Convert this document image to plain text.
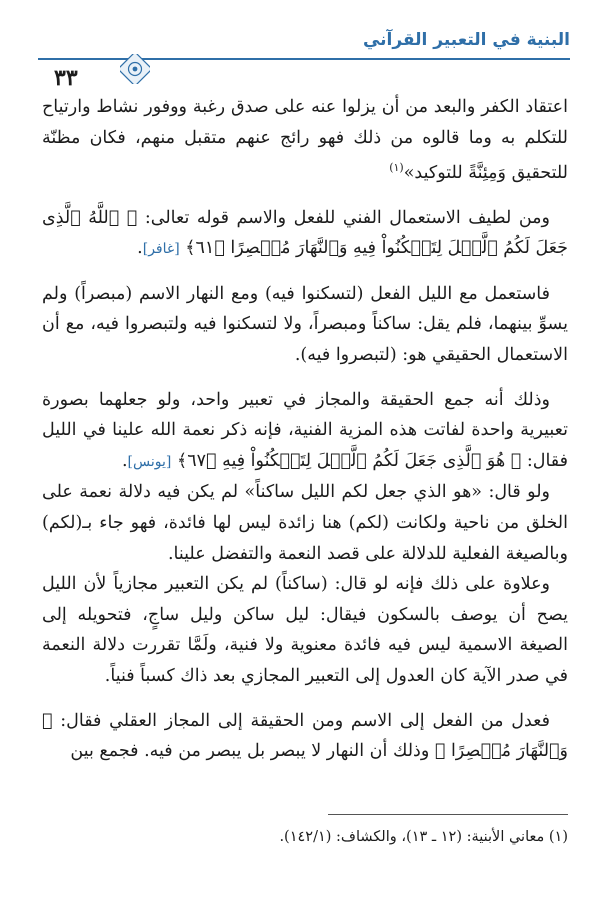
البنية في التعبير القرآني
٣٣

اعتقاد الكفر والبعد من أن يزلوا عنه على صدق رغبة ووفور نشاط وارتياح للتكلم به وما قالوه من ذلك فهو رائج عنهم متقبل منهم، فكان مظنّة للتحقيق وَمِئِنَّةً للتوكيد»$^{(١)}$

ومن لطيف الاستعمال الفني للفعل والاسم قوله تعالى: ﴿ ٱللَّهُ ٱلَّذِى جَعَلَ لَكُمُ ٱلَّيۡلَ لِتَسۡكُنُواْ فِيهِ وَٱلنَّهَارَ مُبۡصِرًا ﴿٦١﴾ [غافر].

فاستعمل مع الليل الفعل (لتسكنوا فيه) ومع النهار الاسم (مبصراً) ولم يسوِّ بينهما، فلم يقل: ساكناً ومبصراً، ولا لتسكنوا فيه ولتبصروا فيه، مع أن الاستعمال الحقيقي هو: (لتبصروا فيه).

وذلك أنه جمع الحقيقة والمجاز في تعبير واحد، ولو جعلهما بصورة تعبيرية واحدة لفاتت هذه المزية الفنية، فإنه ذكر نعمة الله علينا في الليل فقال: ﴿ هُوَ ٱلَّذِى جَعَلَ لَكُمُ ٱلَّيۡلَ لِتَسۡكُنُواْ فِيهِ ﴿٦٧﴾ [يونس].

ولو قال: «هو الذي جعل لكم الليل ساكناً» لم يكن فيه دلالة نعمة على الخلق من ناحية ولكانت (لكم) هنا زائدة ليس لها فائدة، فهو جاء بـ(لكم) وبالصيغة الفعلية للدلالة على قصد النعمة والتفضل علينا.

وعلاوة على ذلك فإنه لو قال: (ساكناً) لم يكن التعبير مجازياً لأن الليل يصح أن يوصف بالسكون فيقال: ليل ساكن وليل ساجٍ، فتحويله إلى الصيغة الاسمية ليس فيه فائدة معنوية ولا فنية، ولَمَّا تقررت دلالة النعمة في صدر الآية كان العدول إلى التعبير المجازي بعد ذاك كسباً فنياً.

فعدل من الفعل إلى الاسم ومن الحقيقة إلى المجاز العقلي فقال: ﴿ وَٱلنَّهَارَ مُبۡصِرًا ﴾ وذلك أن النهار لا يبصر بل يبصر من فيه. فجمع بين

(١) معاني الأبنية: (١٢ ـ ١٣)، والكشاف: (١٤٢/١).
